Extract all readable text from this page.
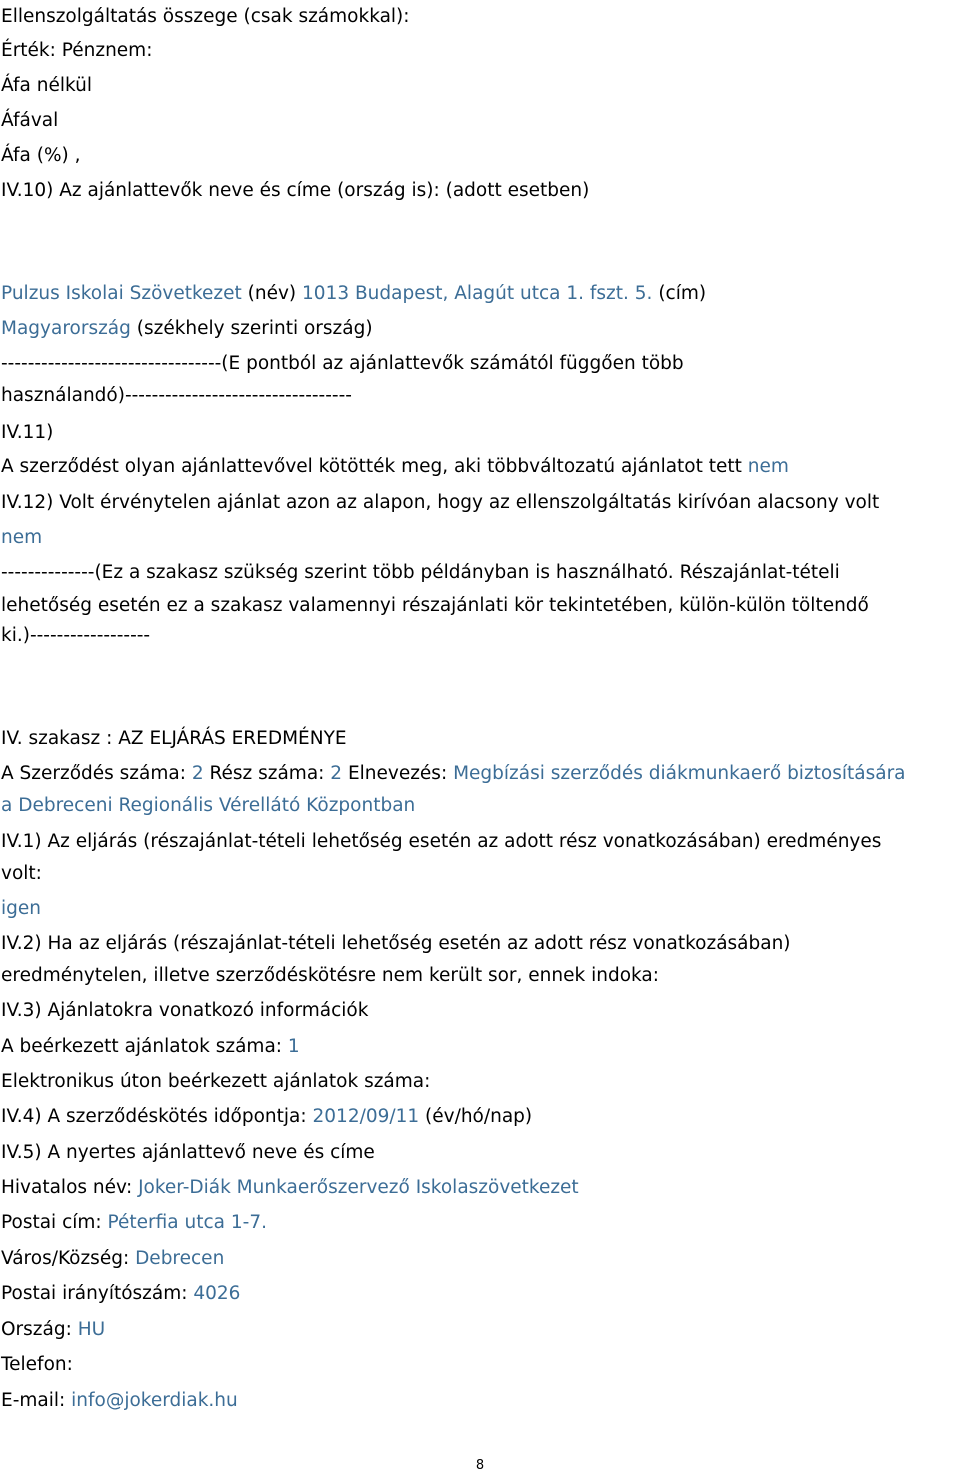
Ellenszolgáltatás összege (csak számokkal):
Érték: Pénznem:
Áfa nélkül
Áfával
Áfa (%) ,
IV.10) Az ajánlattevők neve és címe (ország is): (adott esetben)
Pulzus Iskolai Szövetkezet (név) 1013 Budapest, Alagút utca 1. fszt. 5. (cím)
Magyarország (székhely szerinti ország)
---------------------------------(E pontból az ajánlattevők számától függően több
használandó)----------------------------------
IV.11)
A szerződést olyan ajánlattevővel kötötték meg, aki többváltozatú ajánlatot tett nem
IV.12) Volt érvénytelen ajánlat azon az alapon, hogy az ellenszolgáltatás kirívóan alacsony volt
nem
--------------(Ez a szakasz szükség szerint több példányban is használható. Részajánlat-tételi
lehetőség esetén ez a szakasz valamennyi részajánlati kör tekintetében, külön-külön töltendő
ki.)------------------
IV. szakasz : AZ ELJÁRÁS EREDMÉNYE
A Szerződés száma: 2 Rész száma: 2 Elnevezés: Megbízási szerződés diákmunkaerő biztosítására
a Debreceni Regionális Vérellátó Központban
IV.1) Az eljárás (részajánlat-tételi lehetőség esetén az adott rész vonatkozásában) eredményes
volt:
igen
IV.2) Ha az eljárás (részajánlat-tételi lehetőség esetén az adott rész vonatkozásában)
eredménytelen, illetve szerződéskötésre nem került sor, ennek indoka:
IV.3) Ajánlatokra vonatkozó információk
A beérkezett ajánlatok száma: 1
Elektronikus úton beérkezett ajánlatok száma:
IV.4) A szerződéskötés időpontja: 2012/09/11 (év/hó/nap)
IV.5) A nyertes ajánlattevő neve és címe
Hivatalos név: Joker-Diák Munkaerőszervező Iskolaszövetkezet
Postai cím: Péterfia utca 1-7.
Város/Község: Debrecen
Postai irányítószám: 4026
Ország: HU
Telefon:
E-mail: info@jokerdiak.hu
8
